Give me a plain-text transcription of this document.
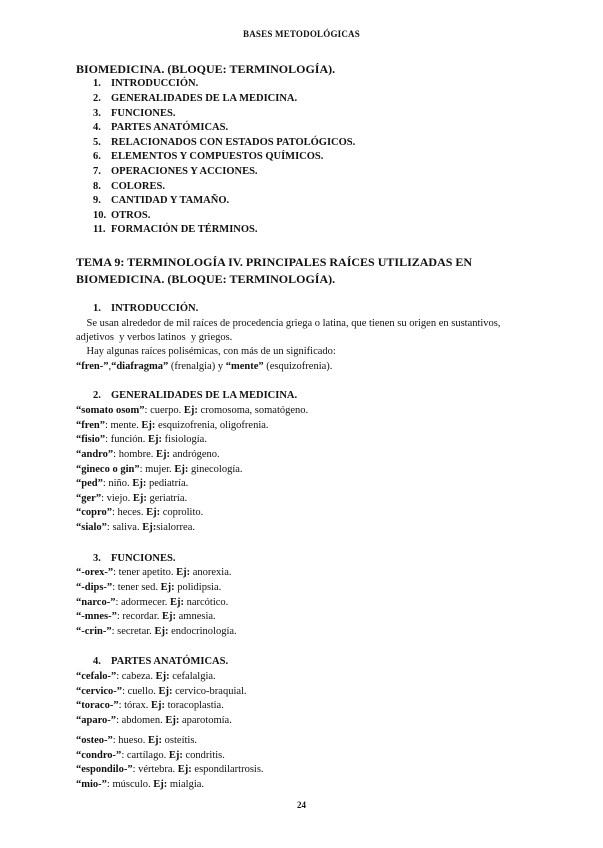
BASES METODOLÓGICAS
BIOMEDICINA. (BLOQUE: TERMINOLOGÍA).
1. INTRODUCCIÓN.
2. GENERALIDADES DE LA MEDICINA.
3. FUNCIONES.
4. PARTES ANATÓMICAS.
5. RELACIONADOS CON ESTADOS PATOLÓGICOS.
6. ELEMENTOS Y COMPUESTOS QUÍMICOS.
7. OPERACIONES Y ACCIONES.
8. COLORES.
9. CANTIDAD Y TAMAÑO.
10. OTROS.
11. FORMACIÓN DE TÉRMINOS.
TEMA 9: TERMINOLOGÍA IV. PRINCIPALES RAÍCES UTILIZADAS EN
BIOMEDICINA. (BLOQUE: TERMINOLOGÍA).
1. INTRODUCCIÓN.
Se usan alrededor de mil raíces de procedencia griega o latina, que tienen su origen en sustantivos,
adjetivos  y verbos latinos  y griegos.
Hay algunas raíces polisémicas, con más de un significado:
“fren-”,“diafragma” (frenalgia) y “mente” (esquizofrenia).
2. GENERALIDADES DE LA MEDICINA.
“somato osom”: cuerpo. Ej: cromosoma, somatógeno.
“fren”: mente. Ej: esquizofrenia, oligofrenia.
“fisio”: función. Ej: fisiología.
“andro”: hombre. Ej: andrógeno.
“gineco o gin”: mujer. Ej: ginecología.
“ped”: niño. Ej: pediatría.
“ger”: viejo. Ej: geriatría.
“copro”: heces. Ej: coprolito.
“sialo”: saliva. Ej:sialorrea.
3. FUNCIONES.
“-orex-”: tener apetito. Ej: anorexia.
“-dips-”: tener sed. Ej: polidipsia.
“narco-”: adormecer. Ej: narcótico.
“-mnes-”: recordar. Ej: amnesia.
“-crin-”: secretar. Ej: endocrinología.
4. PARTES ANATÓMICAS.
“cefalo-”: cabeza. Ej: cefalalgia.
“cervico-”: cuello. Ej: cervico-braquial.
“toraco-”: tórax. Ej: toracoplastia.
“aparo-”: abdomen. Ej: aparotomía.
“osteo-”: hueso. Ej: osteítis.
“condro-”: cartílago. Ej: condritis.
“espondilo-”: vértebra. Ej: espondilartrosis.
“mio-”: músculo. Ej: mialgia.
24
